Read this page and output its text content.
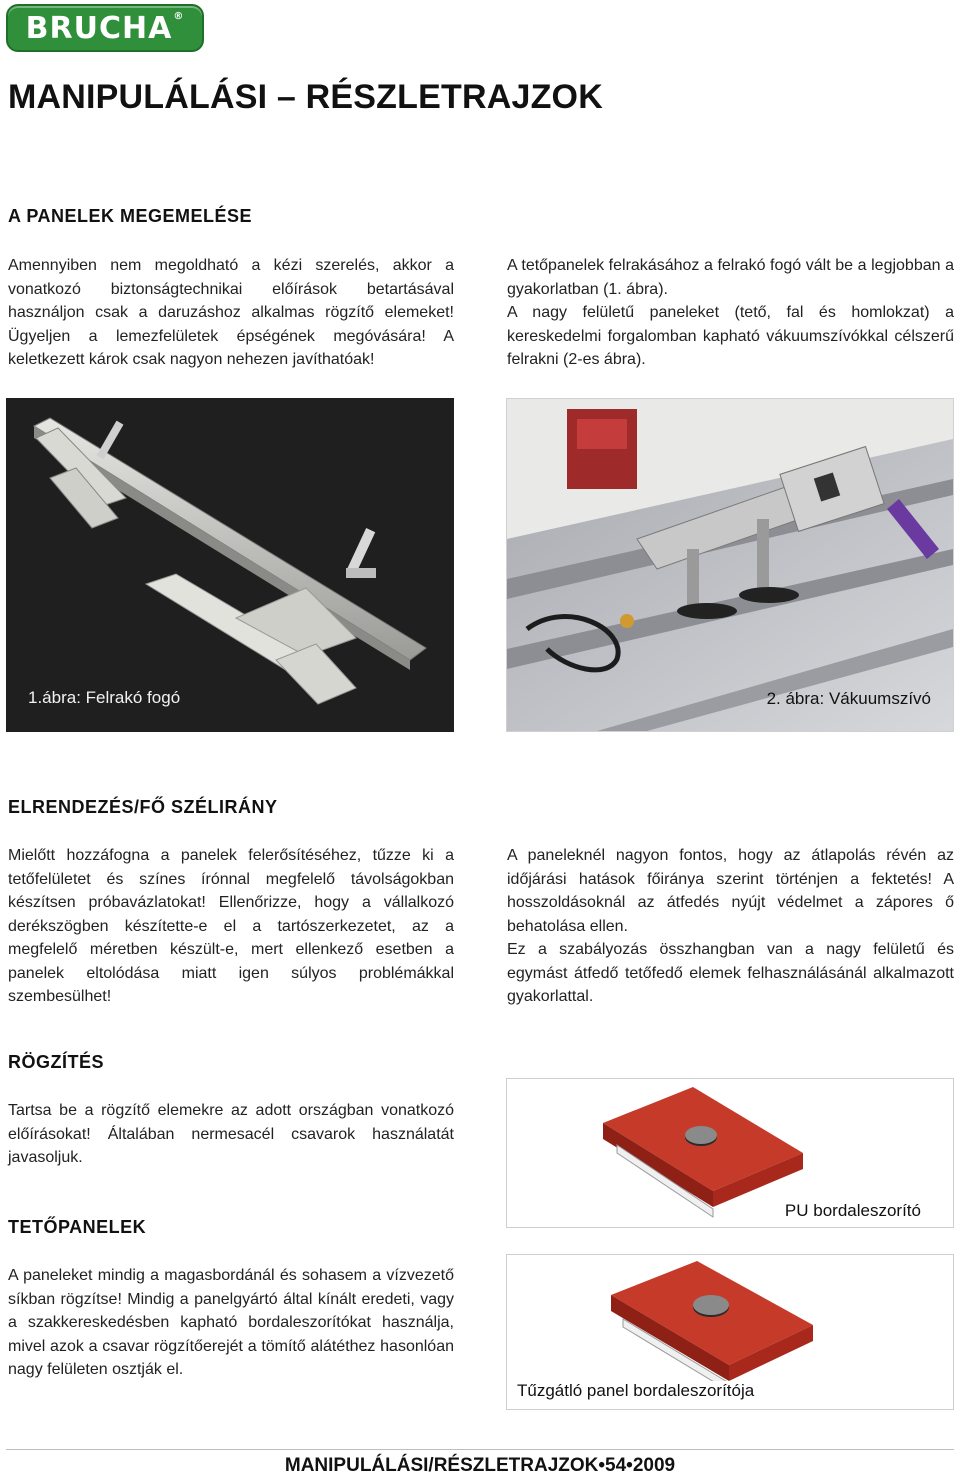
BRUCHA®
MANIPULÁLÁSI – RÉSZLETRAJZOK
A PANELEK MEGEMELÉSE

Amennyiben nem megoldható a kézi szerelés, akkor a vonatkozó biztonságtechnikai előírások betartásával használjon csak a daruzáshoz alkalmas rögzítő elemeket! Ügyeljen a lemezfelületek épségének megóvására! A keletkezett károk csak nagyon nehezen javíthatóak!

A tetőpanelek felrakásához a felrakó fogó vált be a legjobban a gyakorlatban (1. ábra).

A nagy felületű paneleket (tető, fal és homlokzat) a kereskedelmi forgalomban kapható vákuumszívókkal célszerű felrakni (2-es ábra).

1.ábra: Felrakó fogó	2. ábra: Vákuumszívó
ELRENDEZÉS/FŐ SZÉLIRÁNY

Mielőtt hozzáfogna a panelek felerősítéséhez, tűzze ki a tetőfelületet és színes írónnal megfelelő távolságokban készítsen próbavázlatokat! Ellenőrizze, hogy a vállalkozó derékszögben készítette-e el a tartószerkezetet, az a megfelelő méretben készült-e, mert ellenkező esetben a panelek eltolódása miatt igen súlyos problémákkal szembesülhet!

A paneleknél nagyon fontos, hogy az átlapolás révén az időjárási hatások főiránya szerint történjen a fektetés! A hosszoldásoknál az átfedés nyújt védelmet a zápores ő behatolása ellen.

Ez a szabályozás összhangban van a nagy felületű és egymást átfedő tetőfedő elemek felhasználásánál alkalmazott gyakorlattal.

RÖGZÍTÉS

Tartsa be a rögzítő elemekre az adott országban vonatkozó előírásokat! Általában nermesacél csavarok használatát javasoljuk.

TETŐPANELEK

A paneleket mindig a magasbordánál és sohasem a vízvezető síkban rögzítse! Mindig a panelgyártó által kínált eredeti, vagy a szakkereskedésben kapható bordaleszorítókat használja, mivel azok a csavar rögzítőerejét a tömítő alátéthez hasonlóan nagy felületen osztják el.

PU bordaleszorító
Tűzgátló panel bordaleszorítója
MANIPULÁLÁSI/RÉSZLETRAJZOK•54•2009
